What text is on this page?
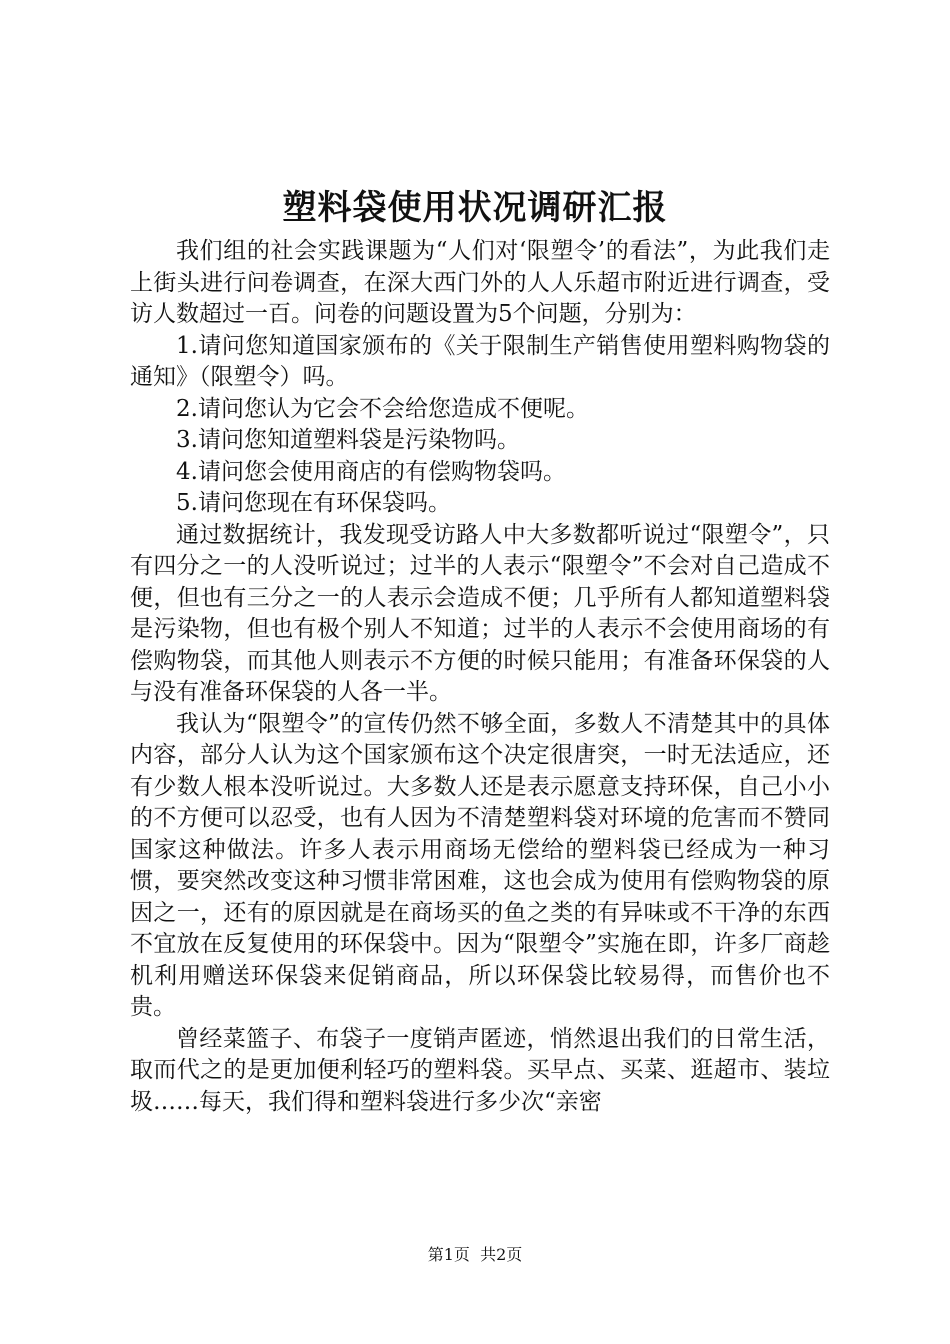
塑料袋使用状况调研汇报

我们组的社会实践课题为“人们对‘限塑令’的看法”，为此我们走上街头进行问卷调查，在深大西门外的人人乐超市附近进行调查，受访人数超过一百。问卷的问题设置为5个问题，分别为：

1.请问您知道国家颁布的《关于限制生产销售使用塑料购物袋的通知》（限塑令）吗。

2.请问您认为它会不会给您造成不便呢。

3.请问您知道塑料袋是污染物吗。

4.请问您会使用商店的有偿购物袋吗。

5.请问您现在有环保袋吗。

通过数据统计，我发现受访路人中大多数都听说过“限塑令”，只有四分之一的人没听说过；过半的人表示“限塑令”不会对自己造成不便，但也有三分之一的人表示会造成不便；几乎所有人都知道塑料袋是污染物，但也有极个别人不知道；过半的人表示不会使用商场的有偿购物袋，而其他人则表示不方便的时候只能用；有准备环保袋的人与没有准备环保袋的人各一半。

我认为“限塑令”的宣传仍然不够全面，多数人不清楚其中的具体内容，部分人认为这个国家颁布这个决定很唐突，一时无法适应，还有少数人根本没听说过。大多数人还是表示愿意支持环保，自己小小的不方便可以忍受，也有人因为不清楚塑料袋对环境的危害而不赞同国家这种做法。许多人表示用商场无偿给的塑料袋已经成为一种习惯，要突然改变这种习惯非常困难，这也会成为使用有偿购物袋的原因之一，还有的原因就是在商场买的鱼之类的有异味或不干净的东西不宜放在反复使用的环保袋中。因为“限塑令”实施在即，许多厂商趁机利用赠送环保袋来促销商品，所以环保袋比较易得，而售价也不贵。

曾经菜篮子、布袋子一度销声匿迹，悄然退出我们的日常生活，取而代之的是更加便利轻巧的塑料袋。买早点、买菜、逛超市、装垃圾……每天，我们得和塑料袋进行多少次“亲密

第1页  共2页
